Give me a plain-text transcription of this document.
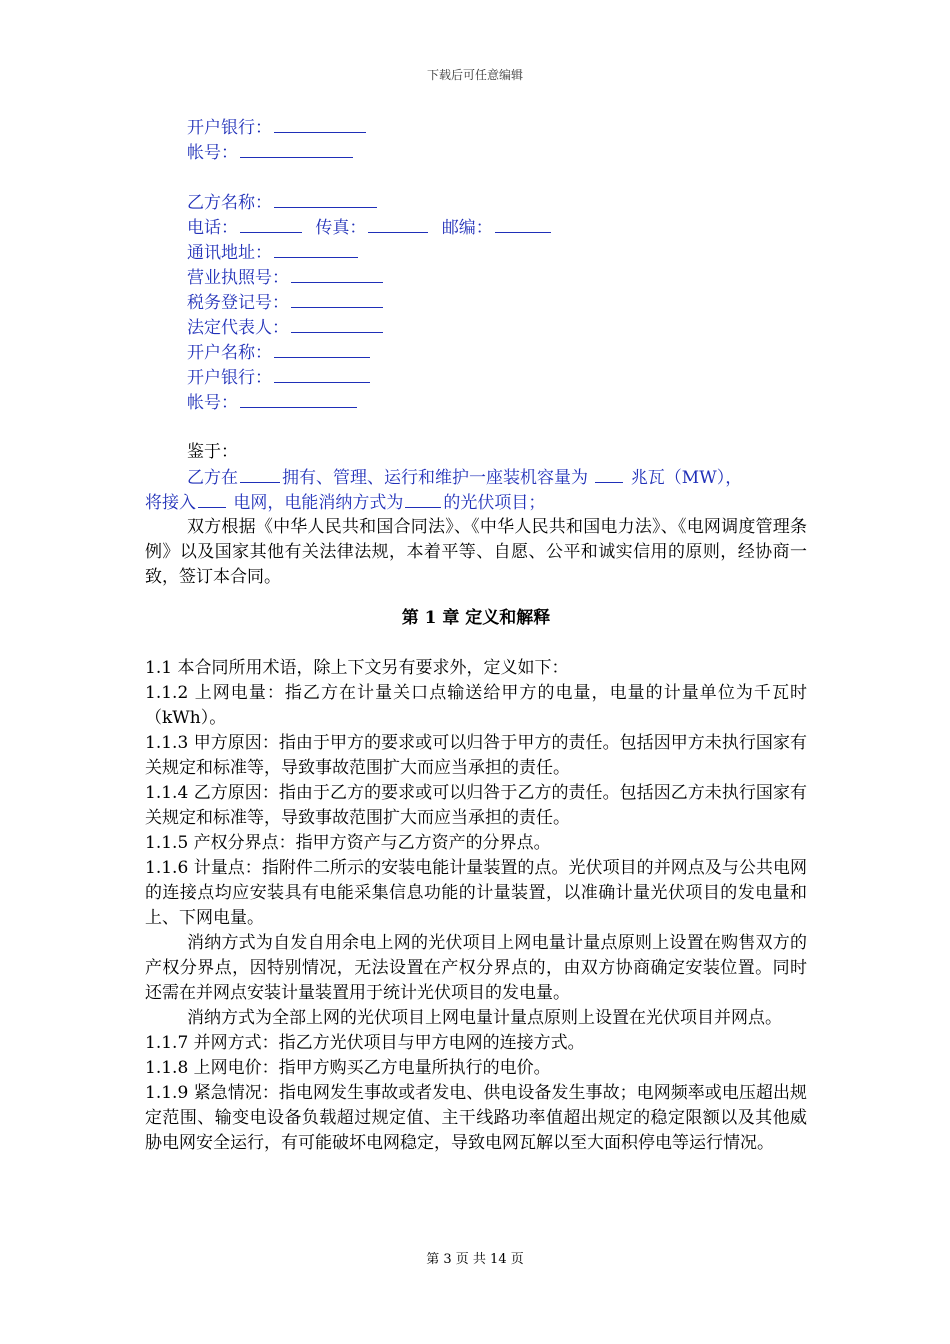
下载后可任意编辑
开户银行：
帐号：
乙方名称：
电话：	传真：	邮编：
通讯地址：
营业执照号：
税务登记号：
法定代表人：
开户名称：
开户银行：
帐号：
鉴于：
乙方在	拥有、管理、运行和维护一座装机容量为	兆瓦（MW），
将接入 电网，电能消纳方式为 的光伏项目；
双方根据《中华人民共和国合同法》、《中华人民共和国电力法》、《电网调度管理条例》以及国家其他有关法律法规，本着平等、自愿、公平和诚实信用的原则，经协商一致，签订本合同。
第 1 章 定义和解释
1.1 本合同所用术语，除上下文另有要求外，定义如下：
1.1.2 上网电量：指乙方在计量关口点输送给甲方的电量，电量的计量单位为千瓦时（kWh）。
1.1.3 甲方原因：指由于甲方的要求或可以归咎于甲方的责任。包括因甲方未执行国家有关规定和标准等，导致事故范围扩大而应当承担的责任。
1.1.4 乙方原因：指由于乙方的要求或可以归咎于乙方的责任。包括因乙方未执行国家有关规定和标准等，导致事故范围扩大而应当承担的责任。
1.1.5 产权分界点：指甲方资产与乙方资产的分界点。
1.1.6 计量点：指附件二所示的安装电能计量装置的点。光伏项目的并网点及与公共电网的连接点均应安装具有电能采集信息功能的计量装置，以准确计量光伏项目的发电量和上、下网电量。
消纳方式为自发自用余电上网的光伏项目上网电量计量点原则上设置在购售双方的产权分界点，因特别情况，无法设置在产权分界点的，由双方协商确定安装位置。同时还需在并网点安装计量装置用于统计光伏项目的发电量。
消纳方式为全部上网的光伏项目上网电量计量点原则上设置在光伏项目并网点。
1.1.7 并网方式：指乙方光伏项目与甲方电网的连接方式。
1.1.8 上网电价：指甲方购买乙方电量所执行的电价。
1.1.9 紧急情况：指电网发生事故或者发电、供电设备发生事故；电网频率或电压超出规定范围、输变电设备负载超过规定值、主干线路功率值超出规定的稳定限额以及其他威胁电网安全运行，有可能破坏电网稳定，导致电网瓦解以至大面积停电等运行情况。
第 3 页 共 14 页
